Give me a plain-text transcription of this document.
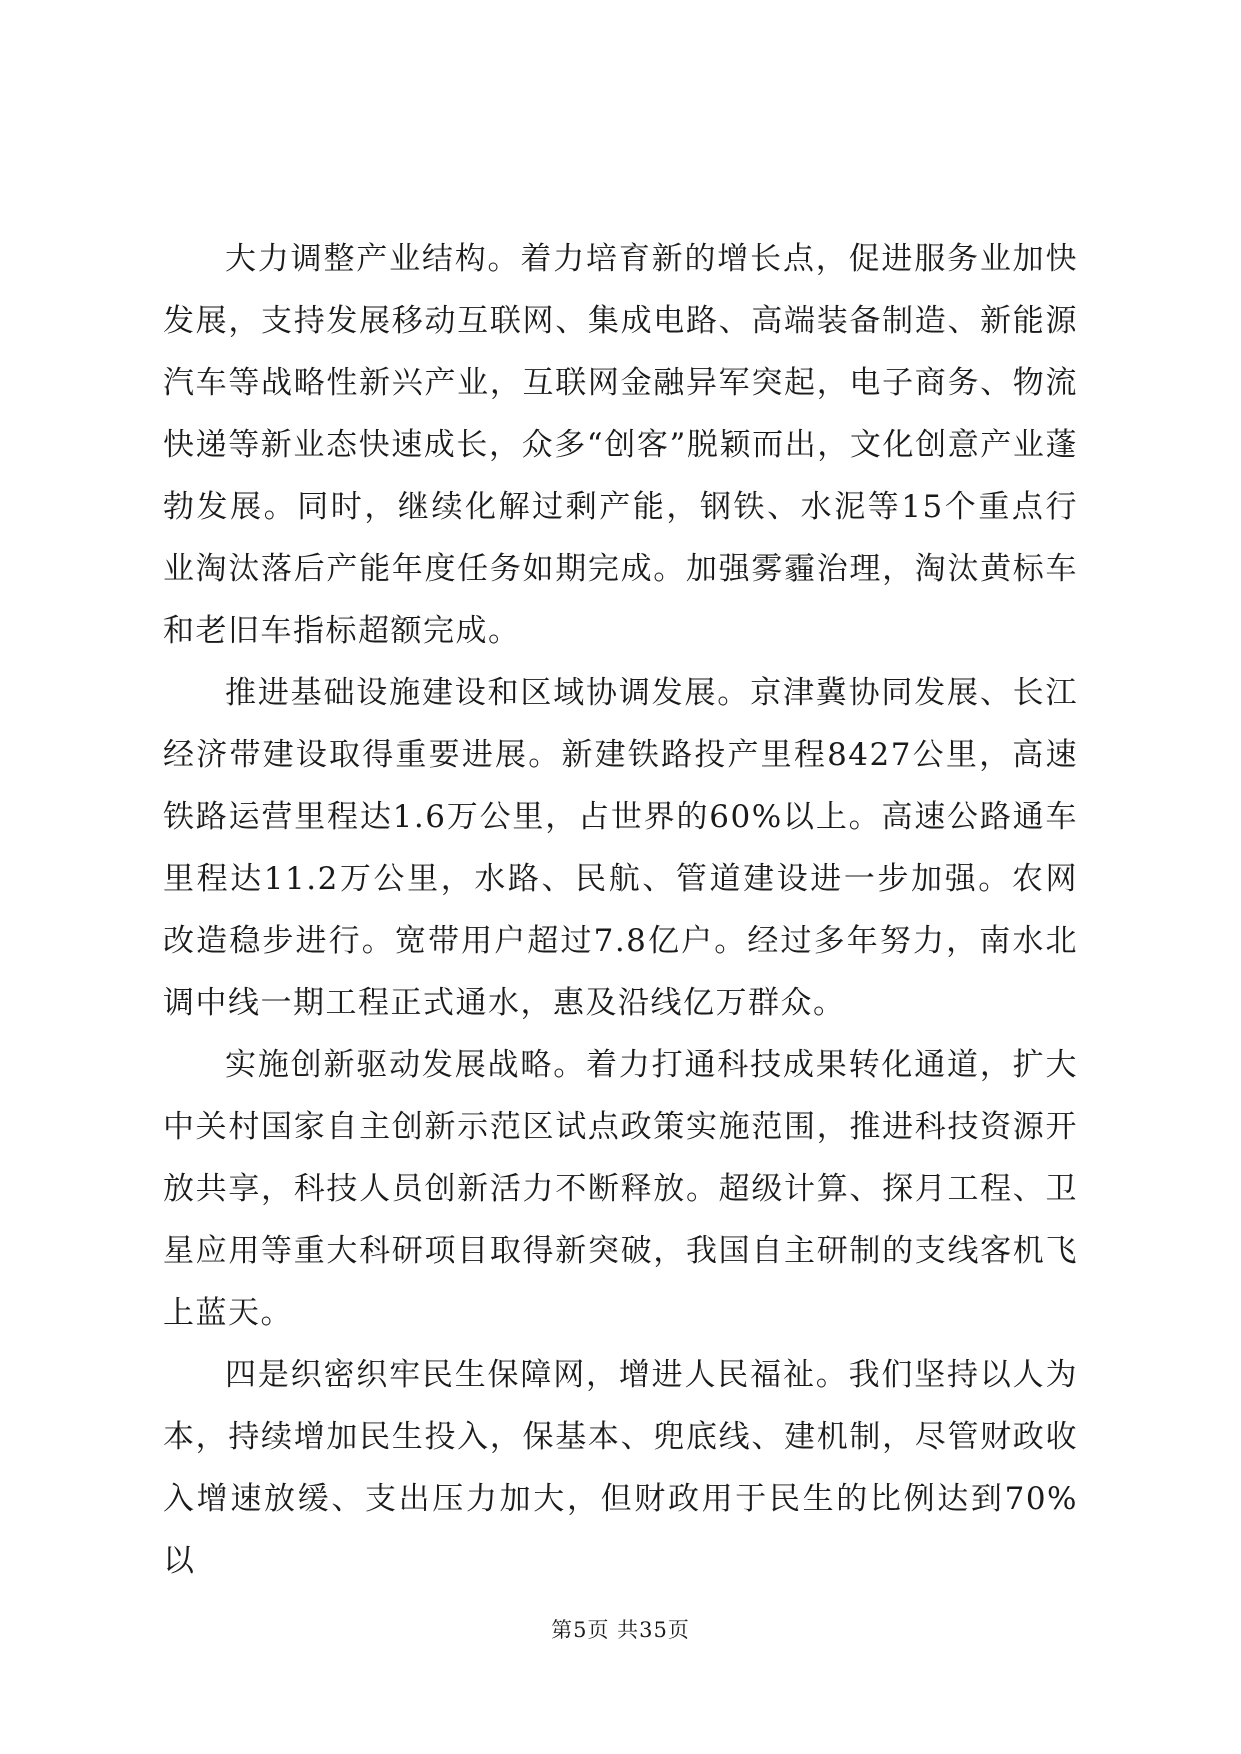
大力调整产业结构。着力培育新的增长点，促进服务业加快发展，支持发展移动互联网、集成电路、高端装备制造、新能源汽车等战略性新兴产业，互联网金融异军突起，电子商务、物流快递等新业态快速成长，众多“创客”脱颖而出，文化创意产业蓬勃发展。同时，继续化解过剩产能，钢铁、水泥等15个重点行业淘汰落后产能年度任务如期完成。加强雾霾治理，淘汰黄标车和老旧车指标超额完成。

推进基础设施建设和区域协调发展。京津冀协同发展、长江经济带建设取得重要进展。新建铁路投产里程8427公里，高速铁路运营里程达1.6万公里，占世界的60%以上。高速公路通车里程达11.2万公里，水路、民航、管道建设进一步加强。农网改造稳步进行。宽带用户超过7.8亿户。经过多年努力，南水北调中线一期工程正式通水，惠及沿线亿万群众。

实施创新驱动发展战略。着力打通科技成果转化通道，扩大中关村国家自主创新示范区试点政策实施范围，推进科技资源开放共享，科技人员创新活力不断释放。超级计算、探月工程、卫星应用等重大科研项目取得新突破，我国自主研制的支线客机飞上蓝天。

四是织密织牢民生保障网，增进人民福祉。我们坚持以人为本，持续增加民生投入，保基本、兜底线、建机制，尽管财政收入增速放缓、支出压力加大，但财政用于民生的比例达到70%以

第5页 共35页
